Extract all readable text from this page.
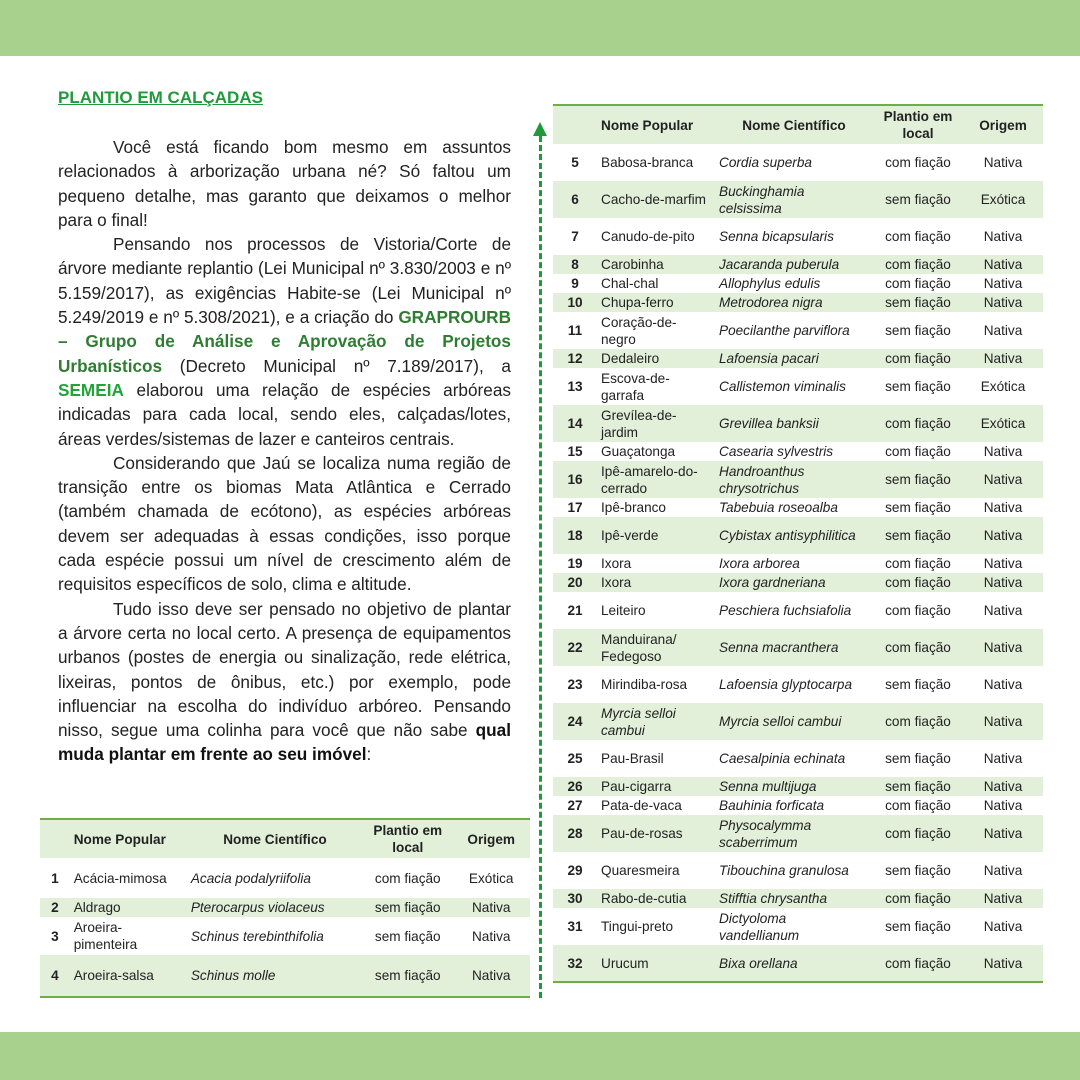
PLANTIO EM CALÇADAS

Você está ficando bom mesmo em assuntos relacionados à arborização urbana né? Só faltou um pequeno detalhe, mas garanto que deixamos o melhor para o final!

Pensando nos processos de Vistoria/Corte de árvore mediante replantio (Lei Municipal nº 3.830/2003 e nº 5.159/2017), as exigências Habite-se (Lei Municipal nº 5.249/2019 e nº 5.308/2021), e a criação do GRAPROURB – Grupo de Análise e Aprovação de Projetos Urbanísticos (Decreto Municipal nº 7.189/2017), a SEMEIA elaborou uma relação de espécies arbóreas indicadas para cada local, sendo eles, calçadas/lotes, áreas verdes/sistemas de lazer e canteiros centrais.

Considerando que Jaú se localiza numa região de transição entre os biomas Mata Atlântica e Cerrado (também chamada de ecótono), as espécies arbóreas devem ser adequadas à essas condições, isso porque cada espécie possui um nível de crescimento além de requisitos específicos de solo, clima e altitude.

Tudo isso deve ser pensado no objetivo de plantar a árvore certa no local certo. A presença de equipamentos urbanos (postes de energia ou sinalização, rede elétrica, lixeiras, pontos de ônibus, etc.) por exemplo, pode influenciar na escolha do indivíduo arbóreo. Pensando nisso, segue uma colinha para você que não sabe qual muda plantar em frente ao seu imóvel:

	Nome Popular	Nome Científico	Plantio em local	Origem
1	Acácia-mimosa	Acacia podalyriifolia	com fiação	Exótica
2	Aldrago	Pterocarpus violaceus	sem fiação	Nativa
3	Aroeira-pimenteira	Schinus terebinthifolia	sem fiação	Nativa
4	Aroeira-salsa	Schinus molle	sem fiação	Nativa
	Nome Popular	Nome Científico	Plantio em local	Origem
5	Babosa-branca	Cordia superba	com fiação	Nativa
6	Cacho-de-marfim	Buckinghamia celsissima	sem fiação	Exótica
7	Canudo-de-pito	Senna bicapsularis	com fiação	Nativa
8	Carobinha	Jacaranda puberula	com fiação	Nativa
9	Chal-chal	Allophylus edulis	com fiação	Nativa
10	Chupa-ferro	Metrodorea nigra	sem fiação	Nativa
11	Coração-de-negro	Poecilanthe parviflora	sem fiação	Nativa
12	Dedaleiro	Lafoensia pacari	com fiação	Nativa
13	Escova-de-garrafa	Callistemon viminalis	sem fiação	Exótica
14	Grevílea-de-jardim	Grevillea banksii	com fiação	Exótica
15	Guaçatonga	Casearia sylvestris	com fiação	Nativa
16	Ipê-amarelo-do-cerrado	Handroanthus chrysotrichus	sem fiação	Nativa
17	Ipê-branco	Tabebuia roseoalba	sem fiação	Nativa
18	Ipê-verde	Cybistax antisyphilitica	sem fiação	Nativa
19	Ixora	Ixora arborea	com fiação	Nativa
20	Ixora	Ixora gardneriana	com fiação	Nativa
21	Leiteiro	Peschiera fuchsiafolia	com fiação	Nativa
22	Manduirana/ Fedegoso	Senna macranthera	com fiação	Nativa
23	Mirindiba-rosa	Lafoensia glyptocarpa	sem fiação	Nativa
24	Myrcia selloi cambui	Myrcia selloi cambui	com fiação	Nativa
25	Pau-Brasil	Caesalpinia echinata	sem fiação	Nativa
26	Pau-cigarra	Senna multijuga	sem fiação	Nativa
27	Pata-de-vaca	Bauhinia forficata	com fiação	Nativa
28	Pau-de-rosas	Physocalymma scaberrimum	com fiação	Nativa
29	Quaresmeira	Tibouchina granulosa	sem fiação	Nativa
30	Rabo-de-cutia	Stifftia chrysantha	com fiação	Nativa
31	Tingui-preto	Dictyoloma vandellianum	sem fiação	Nativa
32	Urucum	Bixa orellana	com fiação	Nativa
